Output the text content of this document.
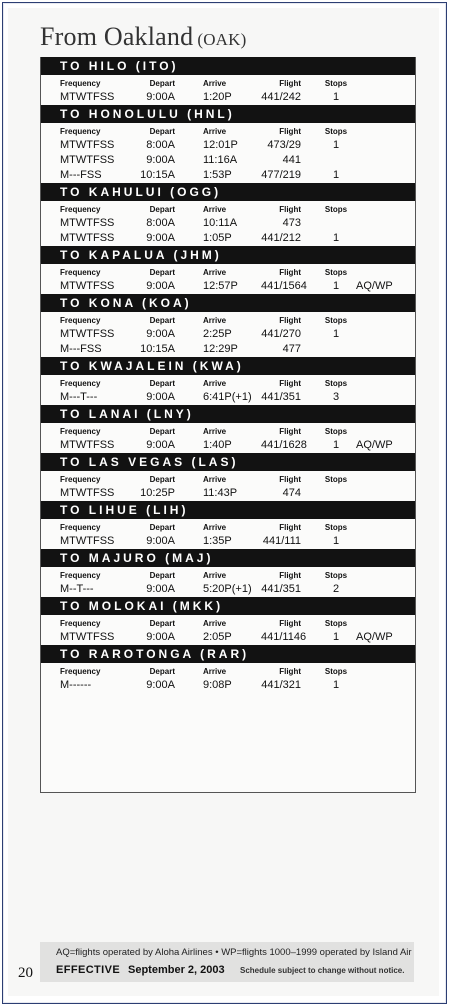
From Oakland (OAK)
TO HILO (ITO)
Frequency	Depart	Arrive	Flight	Stops
MTWTFSS	9:00A	1:20P	441/242	1
TO HONOLULU (HNL)
Frequency	Depart	Arrive	Flight	Stops
MTWTFSS	8:00A	12:01P	473/29	1
MTWTFSS	9:00A	11:16A	441
M---FSS	10:15A	1:53P	477/219	1
TO KAHULUI (OGG)
Frequency	Depart	Arrive	Flight	Stops
MTWTFSS	8:00A	10:11A	473
MTWTFSS	9:00A	1:05P	441/212	1
TO KAPALUA (JHM)
Frequency	Depart	Arrive	Flight	Stops
MTWTFSS	9:00A	12:57P 441/1564	1	AQ/WP
TO KONA (KOA)
Frequency	Depart	Arrive	Flight	Stops
MTWTFSS	9:00A	2:25P	441/270	1
M---FSS	10:15A	12:29P	477
TO KWAJALEIN (KWA)
Frequency	Depart	Arrive	Flight	Stops
M---T---	9:00A	6:41P(+1) 441/351	3
TO LANAI (LNY)
Frequency	Depart	Arrive	Flight	Stops
MTWTFSS	9:00A	1:40P	441/1628	1	AQ/WP
TO LAS VEGAS (LAS)
Frequency	Depart	Arrive	Flight	Stops
MTWTFSS	10:25P	11:43P	474
TO LIHUE (LIH)
Frequency	Depart	Arrive	Flight	Stops
MTWTFSS	9:00A	1:35P	441/111	1
TO MAJURO (MAJ)
Frequency	Depart	Arrive	Flight	Stops
M--T---	9:00A	5:20P(+1) 441/351	2
TO MOLOKAI (MKK)
Frequency	Depart	Arrive	Flight	Stops
MTWTFSS	9:00A	2:05P	441/1146	1	AQ/WP
TO RAROTONGA (RAR)
Frequency	Depart	Arrive	Flight	Stops
M------	9:00A	9:08P	441/321	1
AQ=flights operated by Aloha Airlines • WP=flights 1000–1999 operated by Island Air
EFFECTIVE September 2, 2003 Schedule subject to change without notice.
20
